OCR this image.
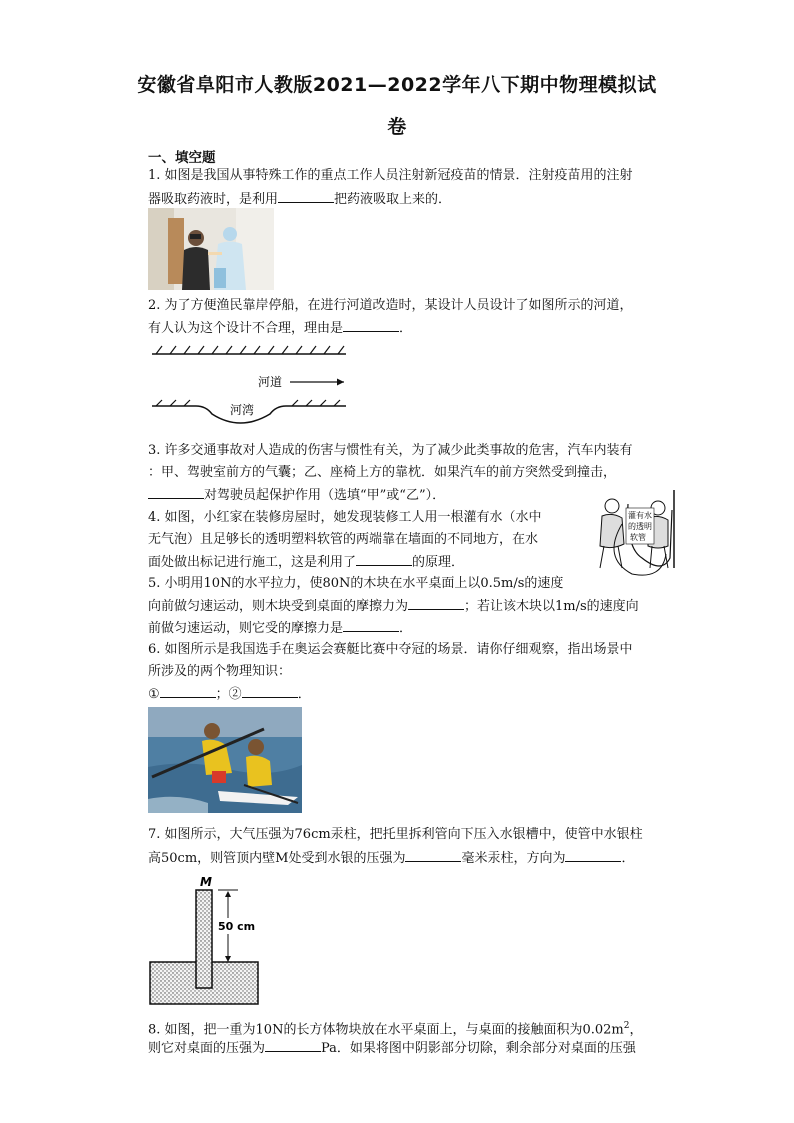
安徽省阜阳市人教版2021—2022学年八下期中物理模拟试
卷
一、填空题
1. 如图是我国从事特殊工作的重点工作人员注射新冠疫苗的情景．注射疫苗用的注射
器吸取药液时，是利用	把药液吸取上来的．
2. 为了方便渔民靠岸停船，在进行河道改造时，某设计人员设计了如图所示的河道，
有人认为这个设计不合理，理由是	．
河道
河湾
3. 许多交通事故对人造成的伤害与惯性有关，为了减少此类事故的危害，汽车内装有
：甲、驾驶室前方的气囊；乙、座椅上方的靠枕．如果汽车的前方突然受到撞击，
对驾驶员起保护作用（选填“甲”或“乙”）．
4. 如图，小红家在装修房屋时，她发现装修工人用一根灌有水（水中
无气泡）且足够长的透明塑料软管的两端靠在墙面的不同地方，在水
面处做出标记进行施工，这是利用了	的原理．
灌有水
的透明
软管
5. 小明用10N的水平拉力，使80N的木块在水平桌面上以0.5m/s的速度
向前做匀速运动，则木块受到桌面的摩擦力为	；若让该木块以1m/s的速度向
前做匀速运动，则它受的摩擦力是	．
6. 如图所示是我国选手在奥运会赛艇比赛中夺冠的场景．请你仔细观察，指出场景中
所涉及的两个物理知识：
①	；②	．
7. 如图所示，大气压强为76cm汞柱，把托里拆利管向下压入水银槽中，使管中水银柱
高50cm，则管顶内壁M处受到水银的压强为	毫米汞柱，方向为	．
M
50 cm
8. 如图，把一重为10N的长方体物块放在水平桌面上，与桌面的接触面积为$0.02m^2$，
则它对桌面的压强为	Pa．如果将图中阴影部分切除，剩余部分对桌面的压强
